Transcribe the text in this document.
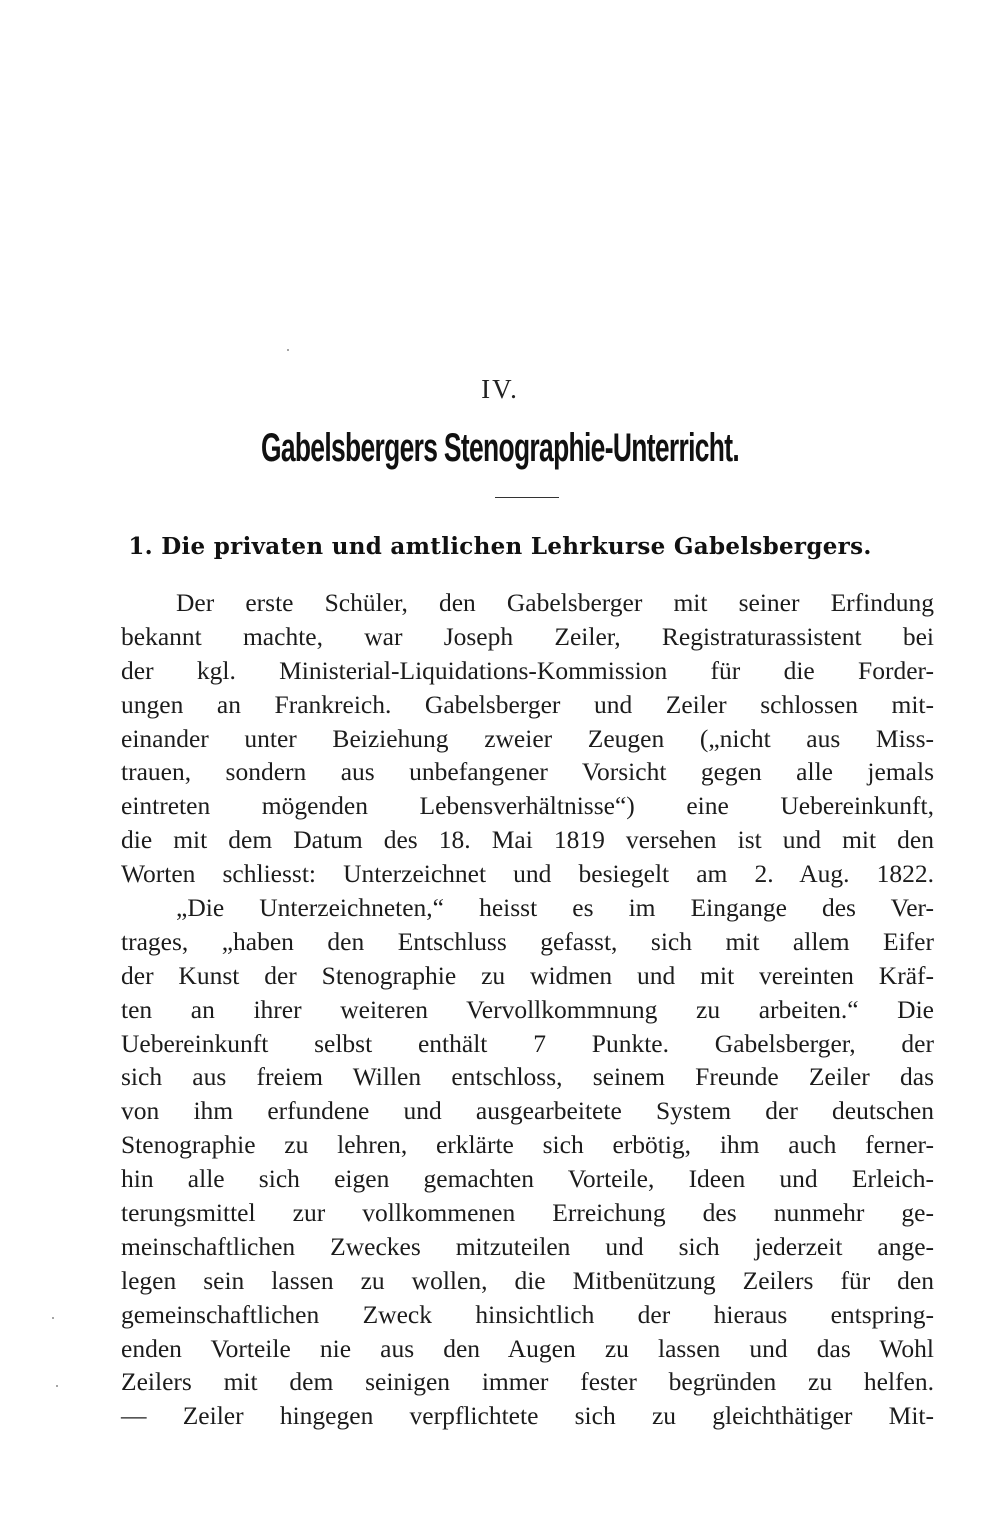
IV.
Gabelsbergers Stenographie-Unterricht.
1. Die privaten und amtlichen Lehrkurse Gabelsbergers.
Der erste Schüler, den Gabelsberger mit seiner Erfindung
bekannt machte, war Joseph Zeiler, Registraturassistent bei
der kgl. Ministerial-Liquidations-Kommission für die Forder-
ungen an Frankreich. Gabelsberger und Zeiler schlossen mit-
einander unter Beiziehung zweier Zeugen („nicht aus Miss-
trauen, sondern aus unbefangener Vorsicht gegen alle jemals
eintreten mögenden Lebensverhältnisse“) eine Uebereinkunft,
die mit dem Datum des 18. Mai 1819 versehen ist und mit den
Worten schliesst: Unterzeichnet und besiegelt am 2. Aug. 1822.
„Die Unterzeichneten,“ heisst es im Eingange des Ver-
trages, „haben den Entschluss gefasst, sich mit allem Eifer
der Kunst der Stenographie zu widmen und mit vereinten Kräf-
ten an ihrer weiteren Vervollkommnung zu arbeiten.“ Die
Uebereinkunft selbst enthält 7 Punkte. Gabelsberger, der
sich aus freiem Willen entschloss, seinem Freunde Zeiler das
von ihm erfundene und ausgearbeitete System der deutschen
Stenographie zu lehren, erklärte sich erbötig, ihm auch ferner-
hin alle sich eigen gemachten Vorteile, Ideen und Erleich-
terungsmittel zur vollkommenen Erreichung des nunmehr ge-
meinschaftlichen Zweckes mitzuteilen und sich jederzeit ange-
legen sein lassen zu wollen, die Mitbenützung Zeilers für den
gemeinschaftlichen Zweck hinsichtlich der hieraus entspring-
enden Vorteile nie aus den Augen zu lassen und das Wohl
Zeilers mit dem seinigen immer fester begründen zu helfen.
— Zeiler hingegen verpflichtete sich zu gleichthätiger Mit-
